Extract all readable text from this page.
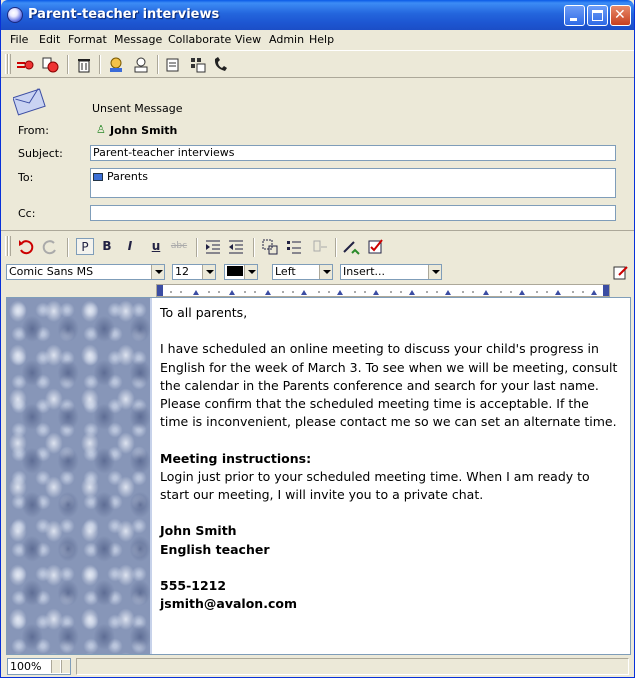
Parent-teacher interviews	✕
File Edit Format Message Collaborate View Admin Help
Unsent Message
From:	♙ John Smith
Subject:	Parent-teacher interviews
To:	Parents
Cc:
P	B	I	u	abc
Comic Sans MS	12	Left	Insert...

To all parents,

I have scheduled an online meeting to discuss your child's progress in English for the week of March 3. To see when we will be meeting, consult the calendar in the Parents conference and search for your last name. Please confirm that the scheduled meeting time is acceptable. If the time is inconvenient, please contact me so we can set an alternate time.

Meeting instructions:

Login just prior to your scheduled meeting time. When I am ready to start our meeting, I will invite you to a private chat.

John Smith

English teacher

555-1212
jsmith@avalon.com
100%
